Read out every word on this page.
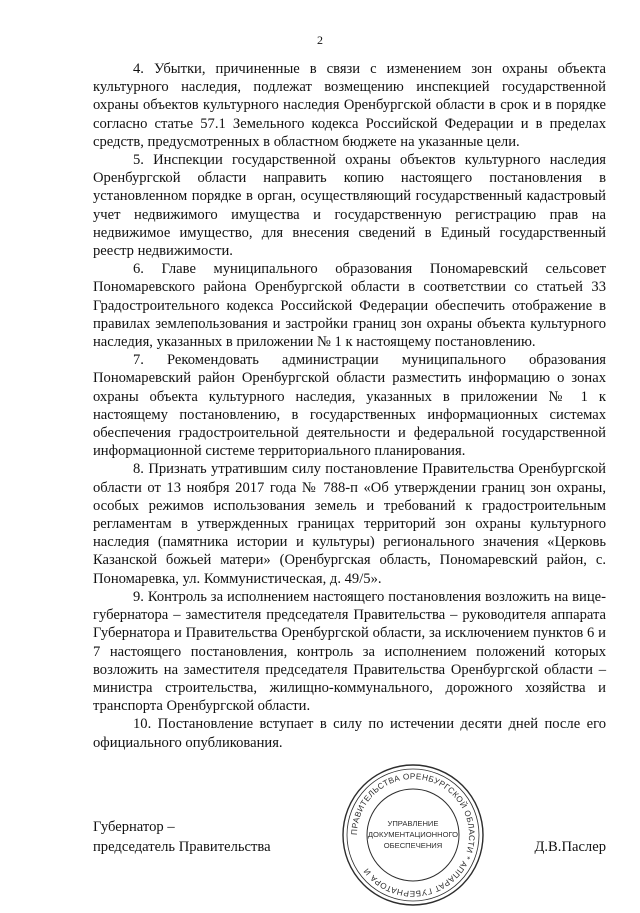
2

4. Убытки, причиненные в связи с изменением зон охраны объекта культурного наследия, подлежат возмещению инспекцией государственной охраны объектов культурного наследия Оренбургской области в срок и в порядке согласно статье 57.1 Земельного кодекса Российской Федерации и в пределах средств, предусмотренных в областном бюджете на указанные цели.

5. Инспекции государственной охраны объектов культурного наследия Оренбургской области направить копию настоящего постановления в установленном порядке в орган, осуществляющий государственный кадастровый учет недвижимого имущества и государственную регистрацию прав на недвижимое имущество, для внесения сведений в Единый государственный реестр недвижимости.

6. Главе муниципального образования Пономаревский сельсовет Пономаревского района Оренбургской области в соответствии со статьей 33 Градостроительного кодекса Российской Федерации обеспечить отображение в правилах землепользования и застройки границ зон охраны объекта культурного наследия, указанных в приложении № 1 к настоящему постановлению.

7. Рекомендовать администрации муниципального образования Пономаревский район Оренбургской области разместить информацию о зонах охраны объекта культурного наследия, указанных в приложении № 1 к настоящему постановлению, в государственных информационных системах обеспечения градостроительной деятельности и федеральной государственной информационной системе территориального планирования.

8. Признать утратившим силу постановление Правительства Оренбургской области от 13 ноября 2017 года № 788-п «Об утверждении границ зон охраны, особых режимов использования земель и требований к градостроительным регламентам в утвержденных границах территорий зон охраны культурного наследия (памятника истории и культуры) регионального значения «Церковь Казанской божьей матери» (Оренбургская область, Пономаревский район, с. Пономаревка, ул. Коммунистическая, д. 49/5».

9. Контроль за исполнением настоящего постановления возложить на вице-губернатора – заместителя председателя Правительства – руководителя аппарата Губернатора и Правительства Оренбургской области, за исключением пунктов 6 и 7 настоящего постановления, контроль за исполнением положений которых возложить на заместителя председателя Правительства Оренбургской области – министра строительства, жилищно-коммунального, дорожного хозяйства и транспорта Оренбургской области.

10. Постановление вступает в силу по истечении десяти дней после его официального опубликования.

ПРАВИТЕЛЬСТВА ОРЕНБУРГСКОЙ ОБЛАСТИ * АППАРАТ ГУБЕРНАТОРА И
УПРАВЛЕНИЕ
ДОКУМЕНТАЦИОННОГО
ОБЕСПЕЧЕНИЯ
Губернатор –
председатель Правительства	Д.В.Паслер
